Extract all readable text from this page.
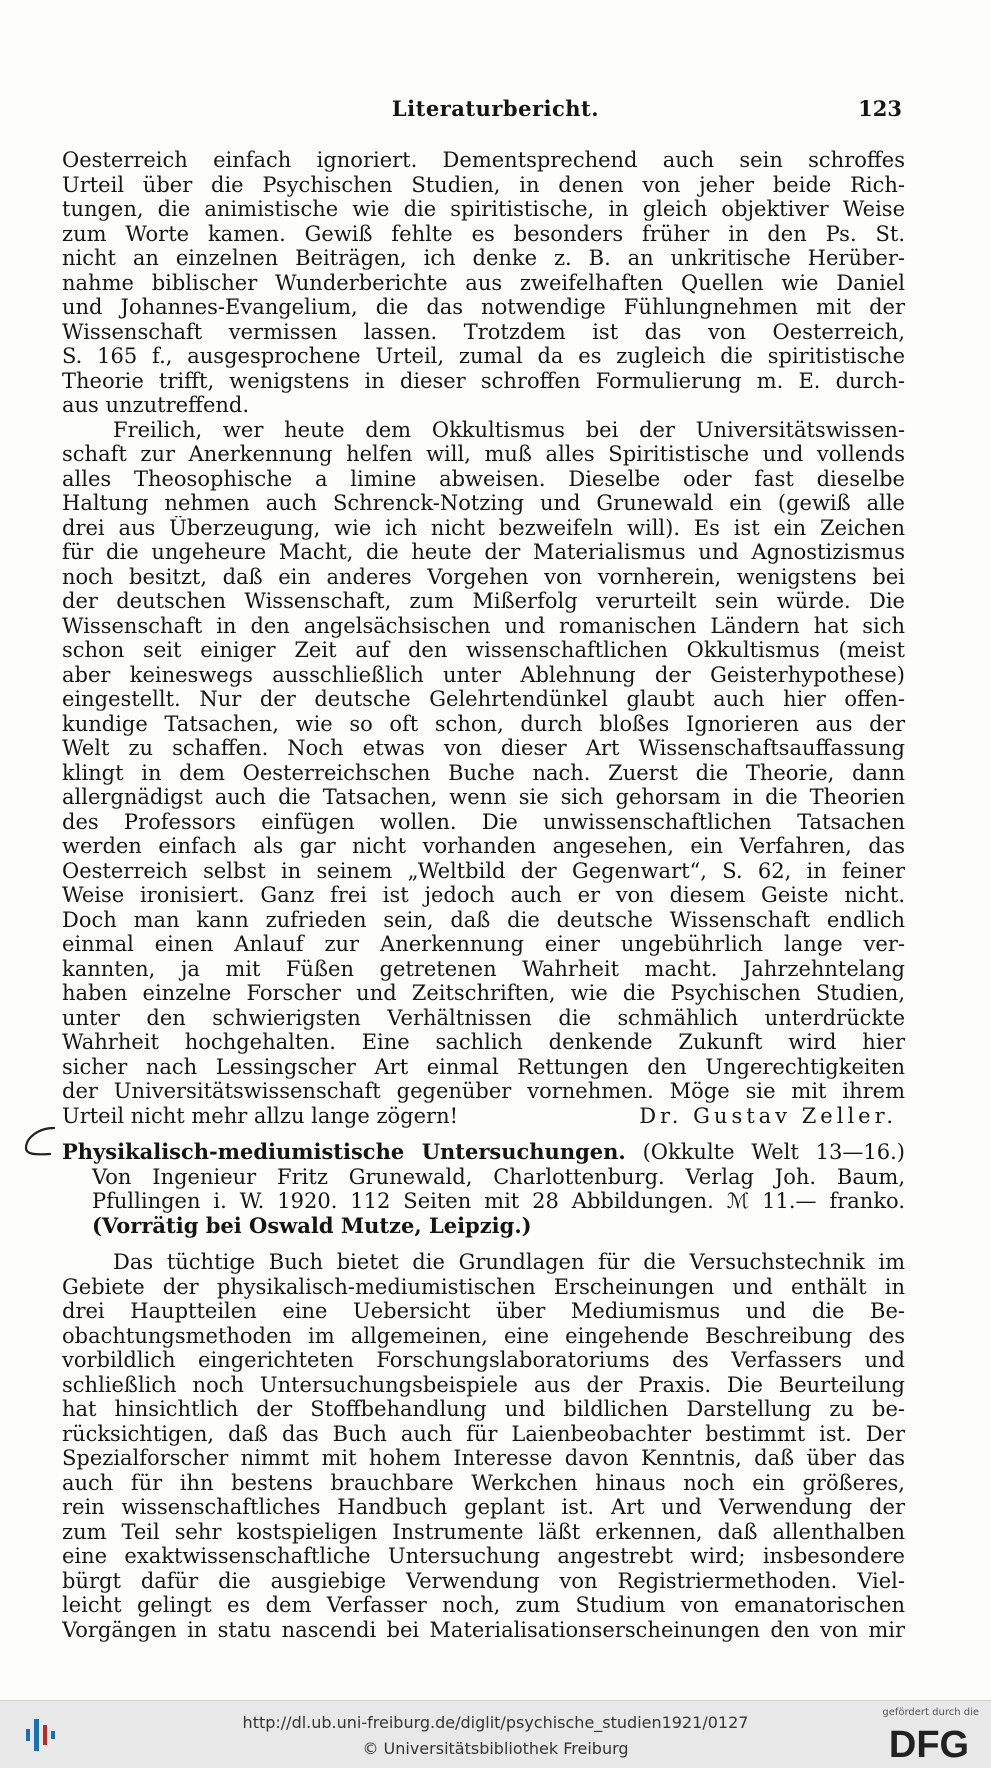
Literaturbericht.	123
Oesterreich einfach ignoriert. Dementsprechend auch sein schroffes
Urteil über die Psychischen Studien, in denen von jeher beide Rich-
tungen, die animistische wie die spiritistische, in gleich objektiver Weise
zum Worte kamen. Gewiß fehlte es besonders früher in den Ps. St.
nicht an einzelnen Beiträgen, ich denke z. B. an unkritische Herüber-
nahme biblischer Wunderberichte aus zweifelhaften Quellen wie Daniel
und Johannes-Evangelium, die das notwendige Fühlungnehmen mit der
Wissenschaft vermissen lassen. Trotzdem ist das von Oesterreich,
S. 165 f., ausgesprochene Urteil, zumal da es zugleich die spiritistische
Theorie trifft, wenigstens in dieser schroffen Formulierung m. E. durch-
aus unzutreffend.
Freilich, wer heute dem Okkultismus bei der Universitätswissen-
schaft zur Anerkennung helfen will, muß alles Spiritistische und vollends
alles Theosophische a limine abweisen. Dieselbe oder fast dieselbe
Haltung nehmen auch Schrenck-Notzing und Grunewald ein (gewiß alle
drei aus Überzeugung, wie ich nicht bezweifeln will). Es ist ein Zeichen
für die ungeheure Macht, die heute der Materialismus und Agnostizismus
noch besitzt, daß ein anderes Vorgehen von vornherein, wenigstens bei
der deutschen Wissenschaft, zum Mißerfolg verurteilt sein würde. Die
Wissenschaft in den angelsächsischen und romanischen Ländern hat sich
schon seit einiger Zeit auf den wissenschaftlichen Okkultismus (meist
aber keineswegs ausschließlich unter Ablehnung der Geisterhypothese)
eingestellt. Nur der deutsche Gelehrtendünkel glaubt auch hier offen-
kundige Tatsachen, wie so oft schon, durch bloßes Ignorieren aus der
Welt zu schaffen. Noch etwas von dieser Art Wissenschaftsauffassung
klingt in dem Oesterreichschen Buche nach. Zuerst die Theorie, dann
allergnädigst auch die Tatsachen, wenn sie sich gehorsam in die Theorien
des Professors einfügen wollen. Die unwissenschaftlichen Tatsachen
werden einfach als gar nicht vorhanden angesehen, ein Verfahren, das
Oesterreich selbst in seinem „Weltbild der Gegenwart“, S. 62, in feiner
Weise ironisiert. Ganz frei ist jedoch auch er von diesem Geiste nicht.
Doch man kann zufrieden sein, daß die deutsche Wissenschaft endlich
einmal einen Anlauf zur Anerkennung einer ungebührlich lange ver-
kannten, ja mit Füßen getretenen Wahrheit macht. Jahrzehntelang
haben einzelne Forscher und Zeitschriften, wie die Psychischen Studien,
unter den schwierigsten Verhältnissen die schmählich unterdrückte
Wahrheit hochgehalten. Eine sachlich denkende Zukunft wird hier
sicher nach Lessingscher Art einmal Rettungen den Ungerechtigkeiten
der Universitätswissenschaft gegenüber vornehmen. Möge sie mit ihrem
Urteil nicht mehr allzu lange zögern!	Dr. Gustav Zeller.
Physikalisch-mediumistische Untersuchungen. (Okkulte Welt 13—16.)
Von Ingenieur Fritz Grunewald, Charlottenburg. Verlag Joh. Baum,
Pfullingen i. W. 1920. 112 Seiten mit 28 Abbildungen. ℳ 11.— franko.
(Vorrätig bei Oswald Mutze, Leipzig.)
Das tüchtige Buch bietet die Grundlagen für die Versuchstechnik im
Gebiete der physikalisch-mediumistischen Erscheinungen und enthält in
drei Hauptteilen eine Uebersicht über Mediumismus und die Be-
obachtungsmethoden im allgemeinen, eine eingehende Beschreibung des
vorbildlich eingerichteten Forschungslaboratoriums des Verfassers und
schließlich noch Untersuchungsbeispiele aus der Praxis. Die Beurteilung
hat hinsichtlich der Stoffbehandlung und bildlichen Darstellung zu be-
rücksichtigen, daß das Buch auch für Laienbeobachter bestimmt ist. Der
Spezialforscher nimmt mit hohem Interesse davon Kenntnis, daß über das
auch für ihn bestens brauchbare Werkchen hinaus noch ein größeres,
rein wissenschaftliches Handbuch geplant ist. Art und Verwendung der
zum Teil sehr kostspieligen Instrumente läßt erkennen, daß allenthalben
eine exaktwissenschaftliche Untersuchung angestrebt wird; insbesondere
bürgt dafür die ausgiebige Verwendung von Registriermethoden. Viel-
leicht gelingt es dem Verfasser noch, zum Studium von emanatorischen
Vorgängen in statu nascendi bei Materialisationserscheinungen den von mir
http://dl.ub.uni-freiburg.de/diglit/psychische_studien1921/0127
© Universitätsbibliothek Freiburg
gefördert durch die
DFG
